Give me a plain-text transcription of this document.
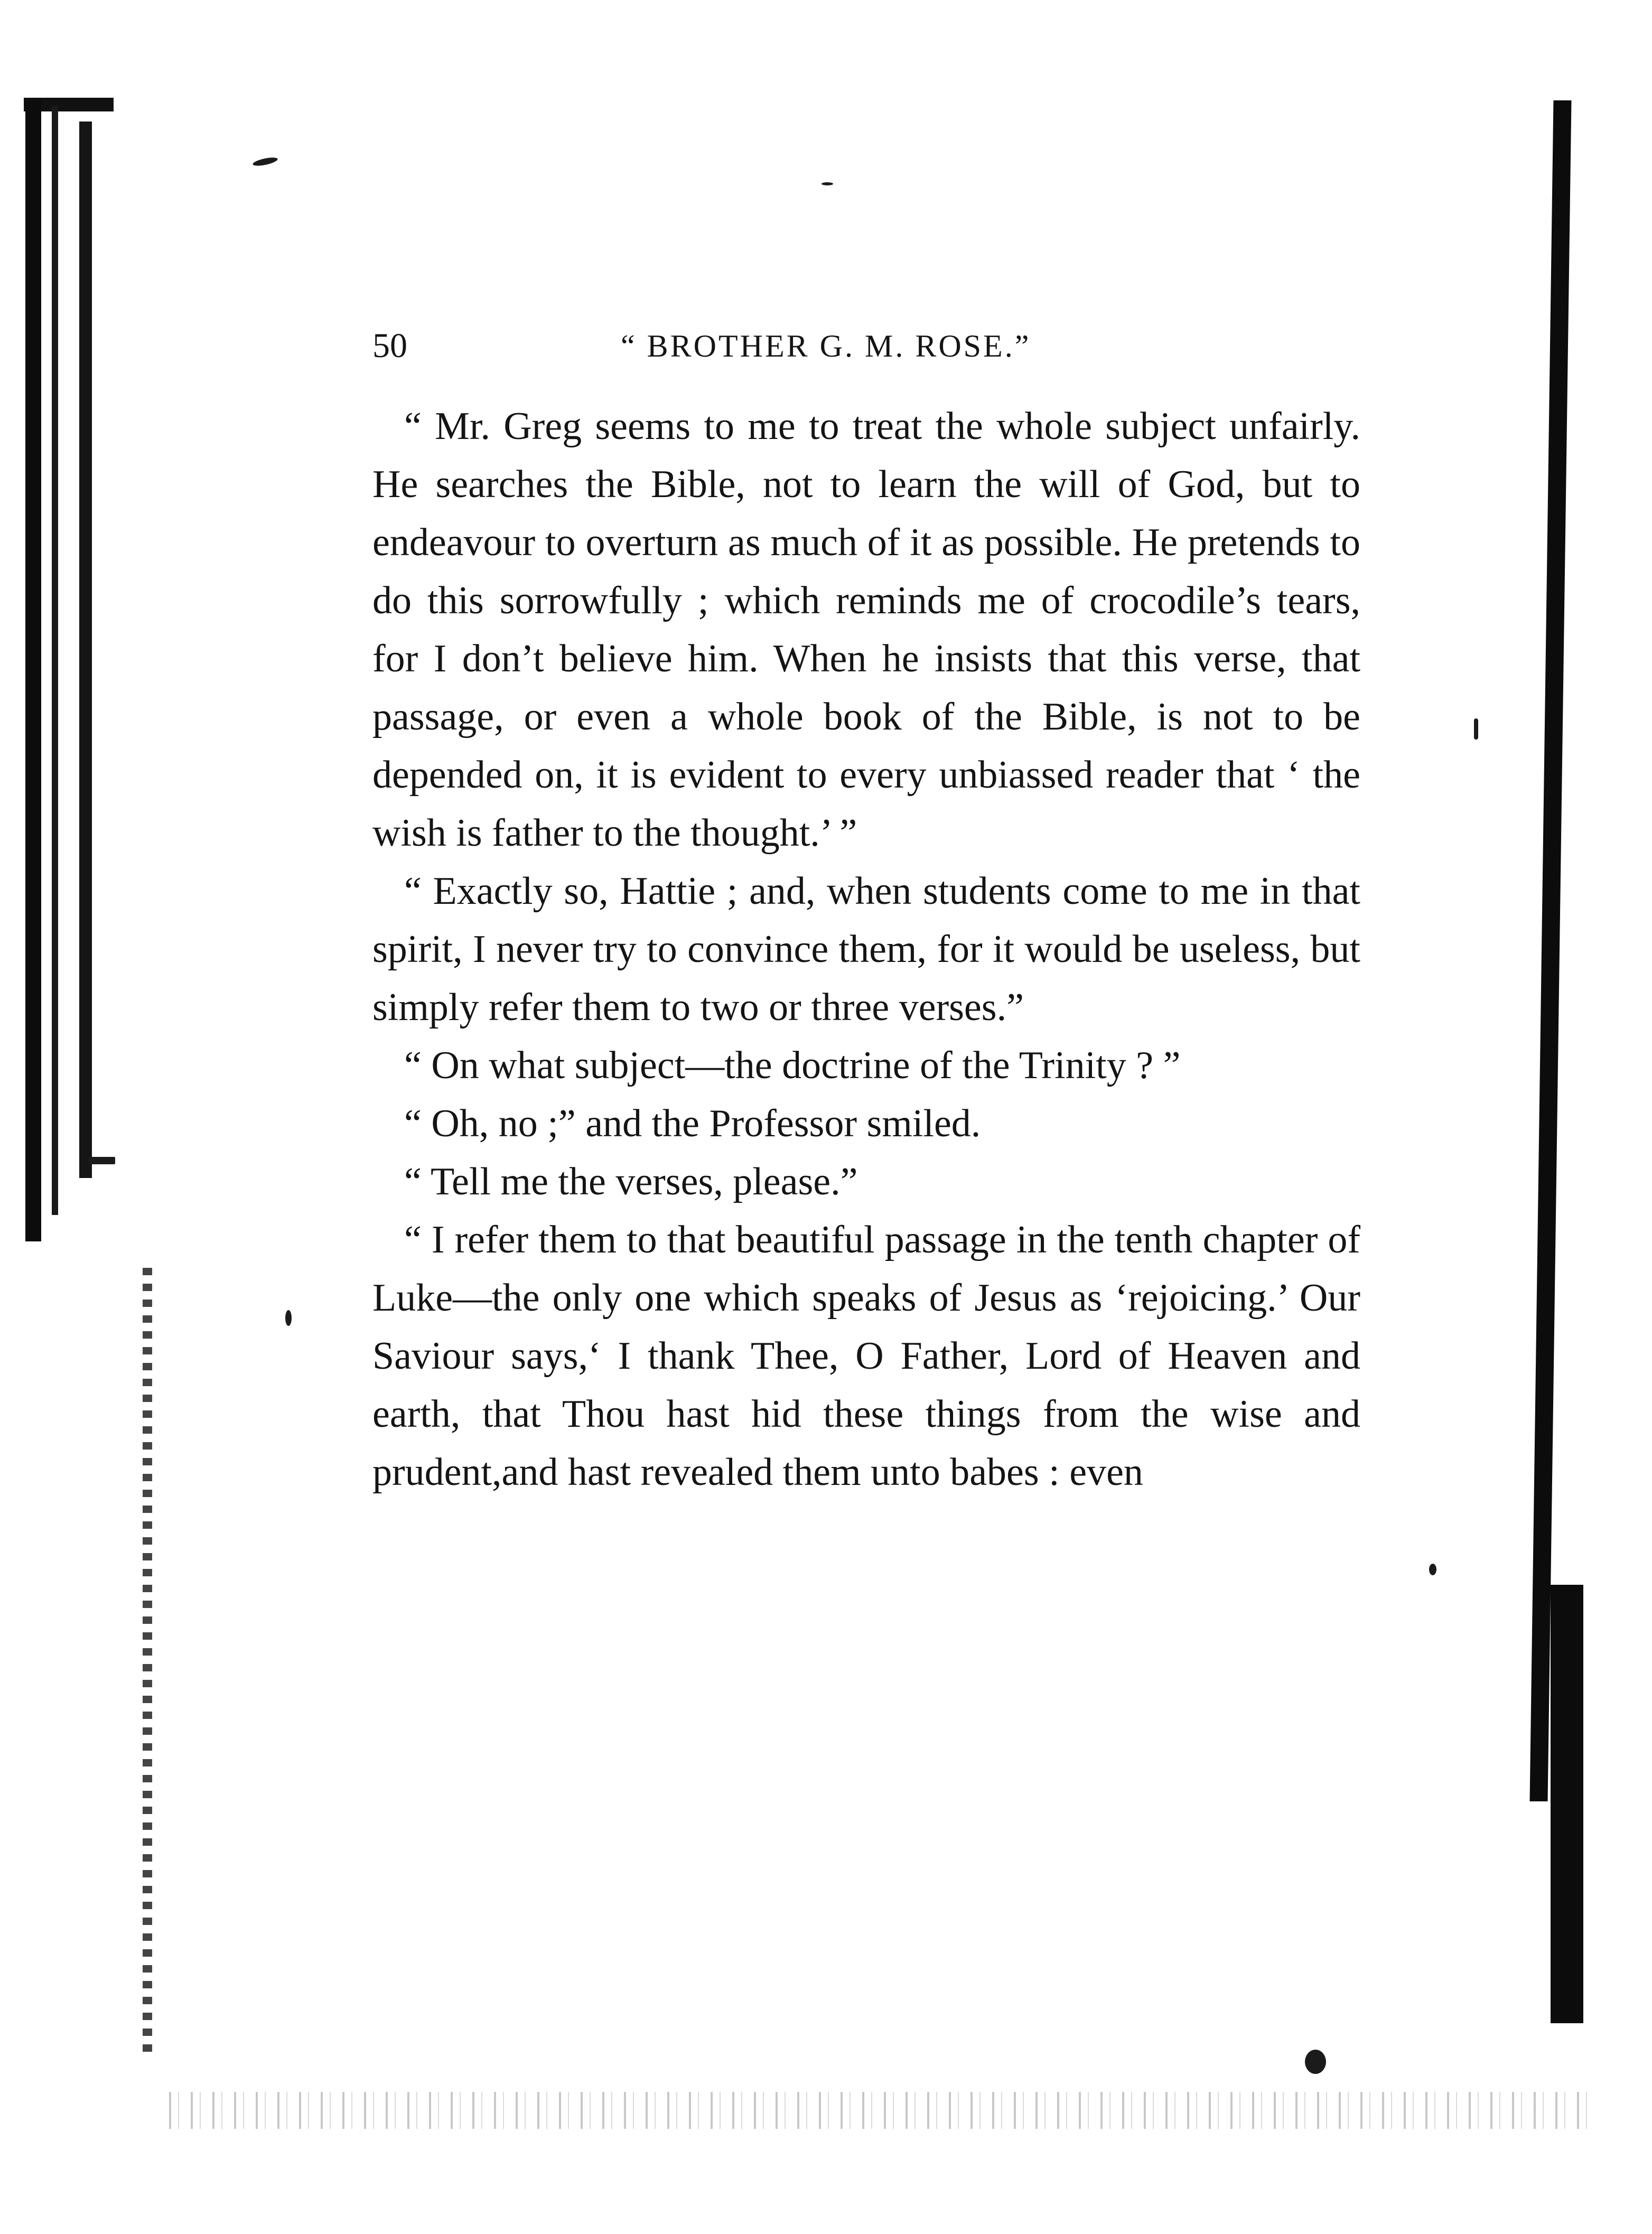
50	“ BROTHER G. M. ROSE.”

“ Mr. Greg seems to me to treat the whole subject unfairly. He searches the Bible, not to learn the will of God, but to endeavour to overturn as much of it as possible. He pretends to do this sorrowfully ; which reminds me of crocodile’s tears, for I don’t believe him. When he insists that this verse, that passage, or even a whole book of the Bible, is not to be depended on, it is evident to every unbiassed reader that ‘ the wish is father to the thought.’ ”

“ Exactly so, Hattie ; and, when students come to me in that spirit, I never try to convince them, for it would be useless, but simply refer them to two or three verses.”

“ On what subject—the doctrine of the Trinity ? ”

“ Oh, no ;” and the Professor smiled.

“ Tell me the verses, please.”

“ I refer them to that beautiful passage in the tenth chapter of Luke—the only one which speaks of Jesus as ‘rejoicing.’ Our Saviour says,‘ I thank Thee, O Father, Lord of Heaven and earth, that Thou hast hid these things from the wise and prudent,and hast revealed them unto babes : even
